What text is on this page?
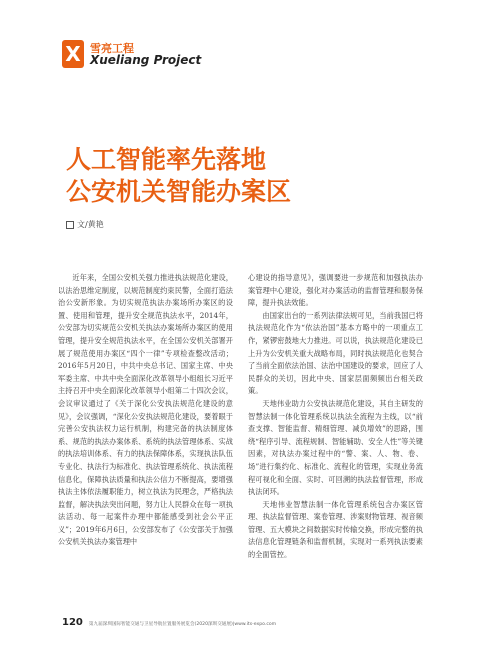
X 雪亮工程
Xueliang Project
人工智能率先落地
公安机关智能办案区
文/黄艳

近年来，全国公安机关强力推进执法规范化建设，以法治思维定制度，以规范制度约束民警，全面打造法治公安新形象。为切实规范执法办案场所办案区的设置、使用和管理，提升安全规范执法水平，2014年，公安部为切实规范公安机关执法办案场所办案区的使用管理，提升安全规范执法水平，在全国公安机关部署开展了规范使用办案区“四个一律”专项检查整改活动；2016年5月20日，中共中央总书记、国家主席、中央军委主席、中共中央全面深化改革领导小组组长习近平主持召开中央全面深化改革领导小组第二十四次会议，会议审议通过了《关于深化公安执法规范化建设的意见》，会议强调，“深化公安执法规范化建设，要着眼于完善公安执法权力运行机制，构建完备的执法制度体系、规范的执法办案体系、系统的执法管理体系、实战的执法培训体系、有力的执法保障体系，实现执法队伍专业化、执法行为标准化、执法管理系统化、执法流程信息化，保障执法质量和执法公信力不断提高，要增强执法主体依法履职能力，树立执法为民理念，严格执法监督，解决执法突出问题，努力让人民群众在每一项执法活动、每一起案件办理中都能感受到社会公平正义”；2019年6月6日，公安部发布了《公安部关于加强公安机关执法办案管理中

心建设的指导意见》，强调要进一步规范和加强执法办案管理中心建设，强化对办案活动的监督管理和服务保障，提升执法效能。

由国家出台的一系列法律法规可见，当前我国已将执法规范化作为“依法治国”基本方略中的一项重点工作，紧锣密鼓地大力推进。可以说，执法规范化建设已上升为公安机关重大战略布局，同时执法规范化也契合了当前全面依法治国、法治中国建设的要求，回应了人民群众的关切，因此中央、国家层面频频出台相关政策。

天地伟业助力公安执法规范化建设，其自主研发的智慧法制一体化管理系统以执法全流程为主线，以“前查支撑、智能监督、精细管理、减负增效”的思路，围绕“程序引导、流程规制、智能辅助、安全人性”等关键因素，对执法办案过程中的“警、案、人、物、卷、场”进行集约化、标准化、流程化的管理，实现业务流程可视化和全面、实时、可回溯的执法监督管理，形成执法闭环。

天地伟业智慧法制一体化管理系统包含办案区管理、执法监督管理、案卷管理、涉案财物管理、视音频管理、五大模块之间数据实时传输交换，形成完整的执法信息化管理链条和监督机制，实现对一系列执法要素的全面管控。

120 第九届深圳国际智能交通与卫星导航位置服务展览会(2020深圳交通展)|www.its-expo.com
